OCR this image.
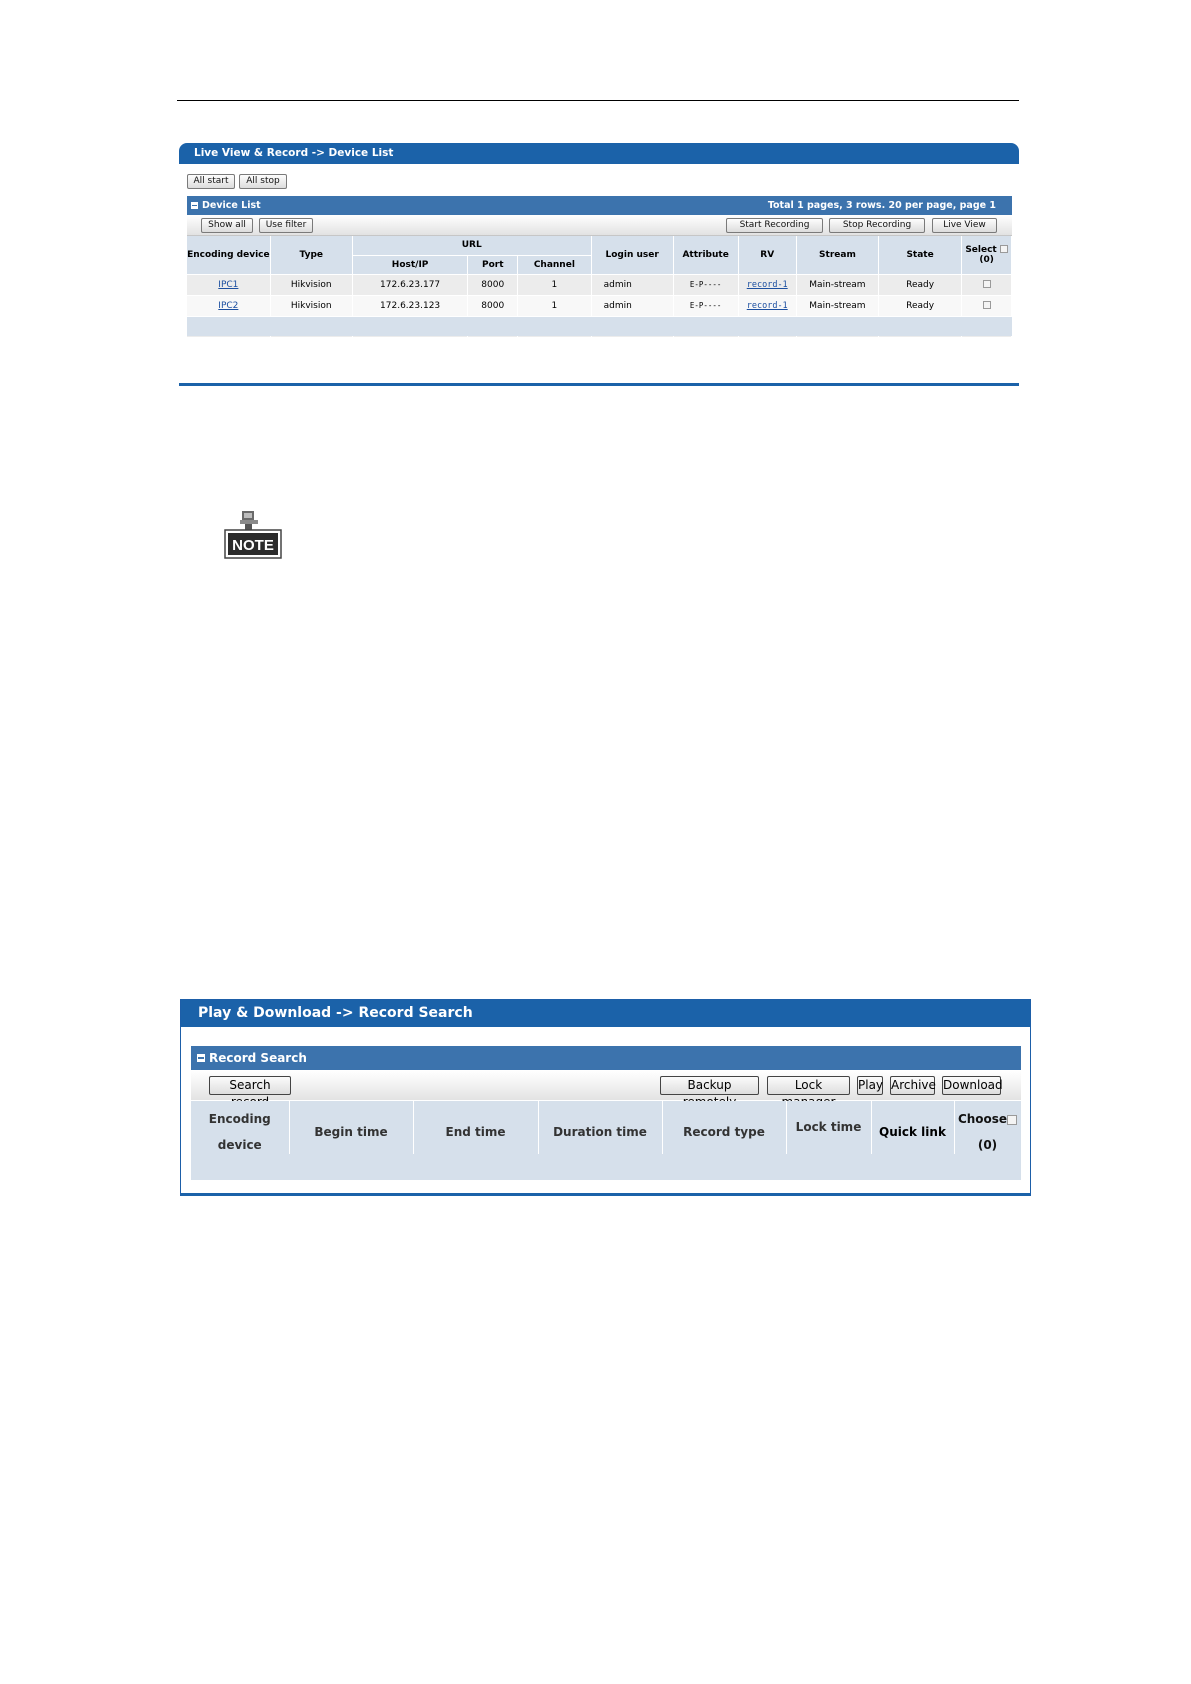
Live View & Record -> Device List
All start	All stop
Device List	Total 1 pages, 3 rows. 20 per page, page 1
Show all	Use filter	Start Recording	Stop Recording	Live View
Encoding device	Type	URL			Login user	Attribute	RV	Stream	State	Select
(0)
		Host/IP	Port	Channel						
IPC1	Hikvision	172.6.23.177	8000	1	admin	E-P----	record-1	Main-stream	Ready	
IPC2	Hikvision	172.6.23.123	8000	1	admin	E-P----	record-1	Main-stream	Ready	

NOTE
Play & Download -> Record Search
Record Search
Search	Backup	Lock	Play Archive Download
Encoding
device	Begin time	End time	Duration time	Record type	Lock time	Quick link	Choose
(0)
